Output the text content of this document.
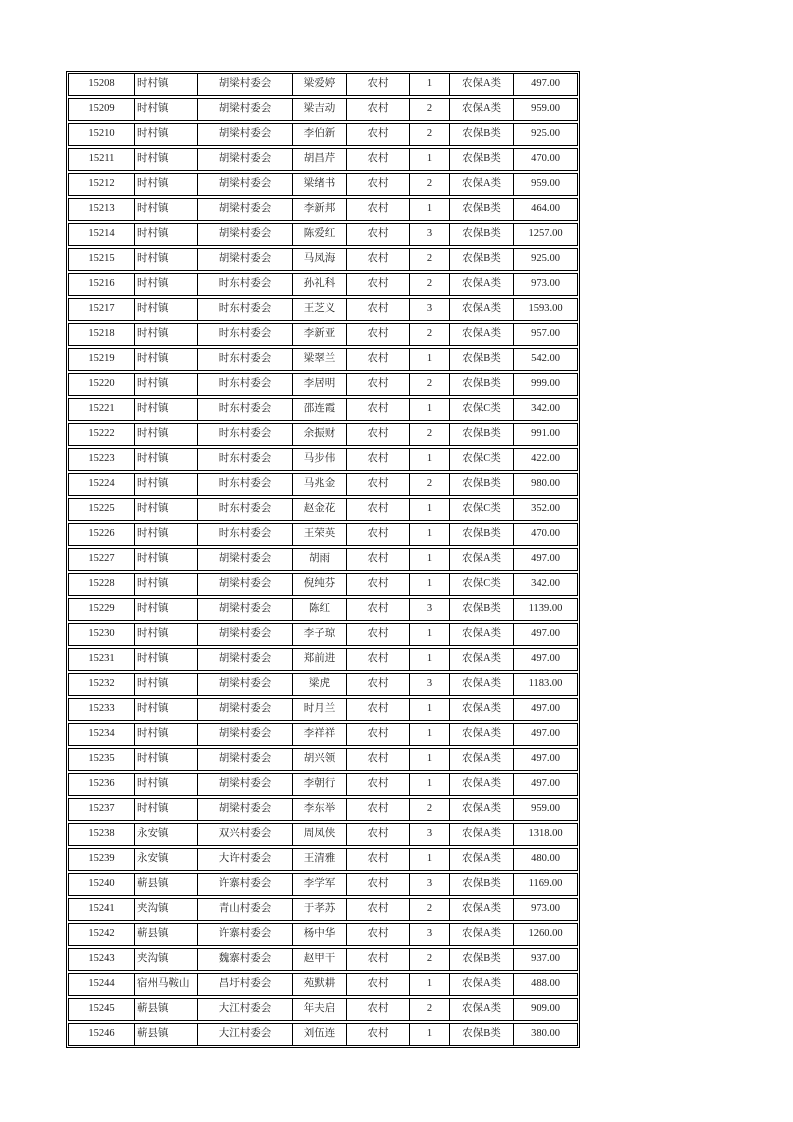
15208	时村镇	胡梁村委会	梁爱婷	农村	1	农保A类	497.00
15209	时村镇	胡梁村委会	梁吉动	农村	2	农保A类	959.00
15210	时村镇	胡梁村委会	李伯新	农村	2	农保B类	925.00
15211	时村镇	胡梁村委会	胡昌芹	农村	1	农保B类	470.00
15212	时村镇	胡梁村委会	梁绪书	农村	2	农保A类	959.00
15213	时村镇	胡梁村委会	李新邦	农村	1	农保B类	464.00
15214	时村镇	胡梁村委会	陈爱红	农村	3	农保B类	1257.00
15215	时村镇	胡梁村委会	马凤海	农村	2	农保B类	925.00
15216	时村镇	时东村委会	孙礼科	农村	2	农保A类	973.00
15217	时村镇	时东村委会	王芝义	农村	3	农保A类	1593.00
15218	时村镇	时东村委会	李新亚	农村	2	农保A类	957.00
15219	时村镇	时东村委会	梁翠兰	农村	1	农保B类	542.00
15220	时村镇	时东村委会	李居明	农村	2	农保B类	999.00
15221	时村镇	时东村委会	邵连霞	农村	1	农保C类	342.00
15222	时村镇	时东村委会	余振财	农村	2	农保B类	991.00
15223	时村镇	时东村委会	马步伟	农村	1	农保C类	422.00
15224	时村镇	时东村委会	马兆金	农村	2	农保B类	980.00
15225	时村镇	时东村委会	赵金花	农村	1	农保C类	352.00
15226	时村镇	时东村委会	王荣英	农村	1	农保B类	470.00
15227	时村镇	胡梁村委会	胡雨	农村	1	农保A类	497.00
15228	时村镇	胡梁村委会	倪纯芬	农村	1	农保C类	342.00
15229	时村镇	胡梁村委会	陈红	农村	3	农保B类	1139.00
15230	时村镇	胡梁村委会	李子琼	农村	1	农保A类	497.00
15231	时村镇	胡梁村委会	郑前进	农村	1	农保A类	497.00
15232	时村镇	胡梁村委会	梁虎	农村	3	农保A类	1183.00
15233	时村镇	胡梁村委会	时月兰	农村	1	农保A类	497.00
15234	时村镇	胡梁村委会	李祥祥	农村	1	农保A类	497.00
15235	时村镇	胡梁村委会	胡兴领	农村	1	农保A类	497.00
15236	时村镇	胡梁村委会	李朝行	农村	1	农保A类	497.00
15237	时村镇	胡梁村委会	李东举	农村	2	农保A类	959.00
15238	永安镇	双兴村委会	周凤侠	农村	3	农保A类	1318.00
15239	永安镇	大许村委会	王清雅	农村	1	农保A类	480.00
15240	蕲县镇	许寨村委会	李学军	农村	3	农保B类	1169.00
15241	夹沟镇	青山村委会	于孝苏	农村	2	农保A类	973.00
15242	蕲县镇	许寨村委会	杨中华	农村	3	农保A类	1260.00
15243	夹沟镇	魏寨村委会	赵甲干	农村	2	农保B类	937.00
15244	宿州马鞍山	昌圩村委会	苑默耕	农村	1	农保A类	488.00
15245	蕲县镇	大江村委会	年夫启	农村	2	农保A类	909.00
15246	蕲县镇	大江村委会	刘伍连	农村	1	农保B类	380.00
